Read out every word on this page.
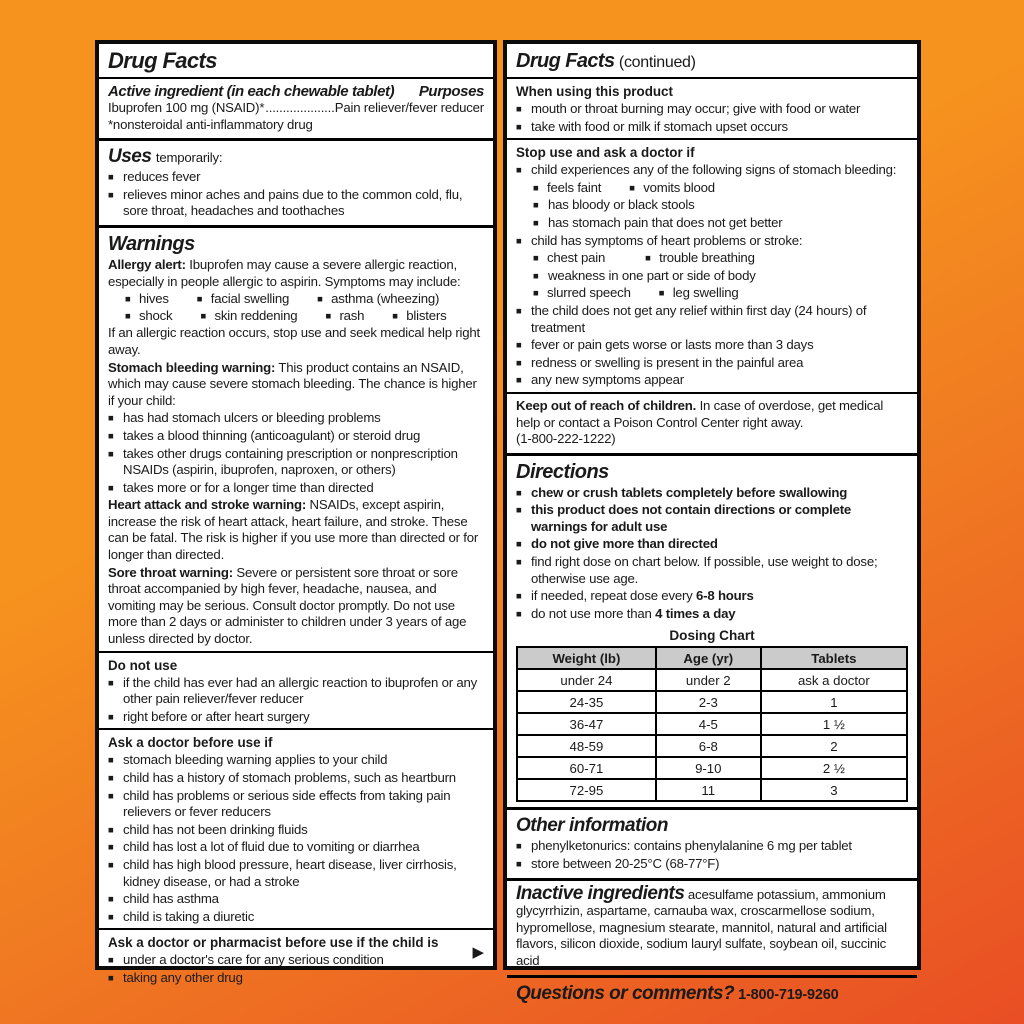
Drug Facts
Active ingredient (in each chewable tablet) Purposes
Ibuprofen 100 mg (NSAID)* .....	Pain reliever/fever reducer
*nonsteroidal anti-inflammatory drug
Uses temporarily:
■ reduces fever
■ relieves minor aches and pains due to the common cold, flu, sore throat, headaches and toothaches
Warnings
Allergy alert: Ibuprofen may cause a severe allergic reaction, especially in people allergic to aspirin. Symptoms may include:
■ hives	■ facial swelling	■ asthma (wheezing)
■ shock	■ skin reddening	■ rash	■ blisters
If an allergic reaction occurs, stop use and seek medical help right away.
Stomach bleeding warning: This product contains an NSAID, which may cause severe stomach bleeding. The chance is higher if your child:
■ has had stomach ulcers or bleeding problems
■ takes a blood thinning (anticoagulant) or steroid drug
■ takes other drugs containing prescription or nonprescription NSAIDs (aspirin, ibuprofen, naproxen, or others)
■ takes more or for a longer time than directed
Heart attack and stroke warning: NSAIDs, except aspirin, increase the risk of heart attack, heart failure, and stroke. These can be fatal. The risk is higher if you use more than directed or for longer than directed.
Sore throat warning: Severe or persistent sore throat or sore throat accompanied by high fever, headache, nausea, and vomiting may be serious. Consult doctor promptly. Do not use more than 2 days or administer to children under 3 years of age unless directed by doctor.
Do not use
■ if the child has ever had an allergic reaction to ibuprofen or any other pain reliever/fever reducer
■ right before or after heart surgery
Ask a doctor before use if
■ stomach bleeding warning applies to your child
■ child has a history of stomach problems, such as heartburn
■ child has problems or serious side effects from taking pain relievers or fever reducers
■ child has not been drinking fluids
■ child has lost a lot of fluid due to vomiting or diarrhea
■ child has high blood pressure, heart disease, liver cirrhosis, kidney disease, or had a stroke
■ child has asthma
■ child is taking a diuretic
Ask a doctor or pharmacist before use if the child is
■ under a doctor's care for any serious condition
■ taking any other drug
▶
Drug Facts (continued)
When using this product
■ mouth or throat burning may occur; give with food or water
■ take with food or milk if stomach upset occurs
Stop use and ask a doctor if
■ child experiences any of the following signs of stomach bleeding:
■ feels faint	■ vomits blood
■ has bloody or black stools
■ has stomach pain that does not get better
■ child has symptoms of heart problems or stroke:
■ chest pain	■ trouble breathing
■ weakness in one part or side of body
■ slurred speech	■ leg swelling
■ the child does not get any relief within first day (24 hours) of treatment
■ fever or pain gets worse or lasts more than 3 days
■ redness or swelling is present in the painful area
■ any new symptoms appear
Keep out of reach of children. In case of overdose, get medical help or contact a Poison Control Center right away.
(1-800-222-1222)
Directions
■ chew or crush tablets completely before swallowing
■ this product does not contain directions or complete warnings for adult use
■ do not give more than directed
■ find right dose on chart below. If possible, use weight to dose; otherwise use age.
■ if needed, repeat dose every 6-8 hours
■ do not use more than 4 times a day
Dosing Chart
Weight (lb)	Age (yr)	Tablets
under 24	under 2	ask a doctor
24-35	2-3	1
36-47	4-5	1 ½
48-59	6-8	2
60-71	9-10	2 ½
72-95	11	3
Other information
■ phenylketonurics: contains phenylalanine 6 mg per tablet
■ store between 20-25°C (68-77°F)
Inactive ingredients acesulfame potassium, ammonium glycyrrhizin, aspartame, carnauba wax, croscarmellose sodium, hypromellose, magnesium stearate, mannitol, natural and artificial flavors, silicon dioxide, sodium lauryl sulfate, soybean oil, succinic acid
Questions or comments? 1-800-719-9260
